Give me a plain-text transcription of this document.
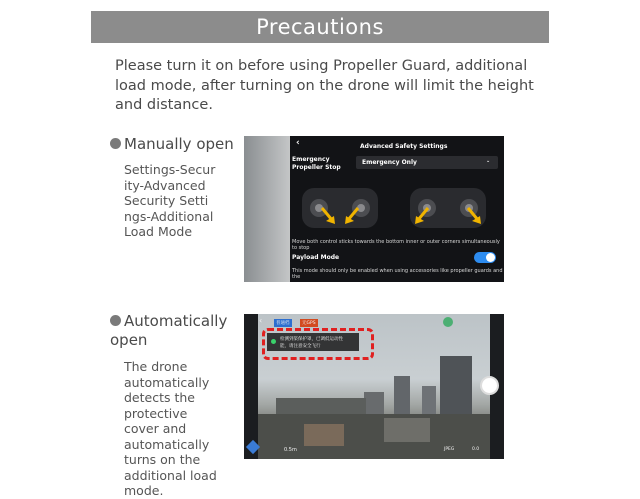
Precautions
Please turn it on before using Propeller Guard, additional load mode, after turning on the drone will limit the height and distance.
Manually open
Settings-Security-Advanced Security Settings-Additional Load Mode
‹	Advanced Safety Settings
Emergency Propeller Stop
Emergency Only	⌄
Move both control sticks towards the bottom inner or outer corners simultaneously to stop
Payload Mode
This mode should only be enabled when using accessories like propeller guards and the
Automatically open
The drone automatically detects the protective cover and automatically turns on the additional load mode.
‹	普通档	无GPS
检测到桨保护罩，已调低运动性
能，请注意安全飞行
JPEG	0.0
0.5m
